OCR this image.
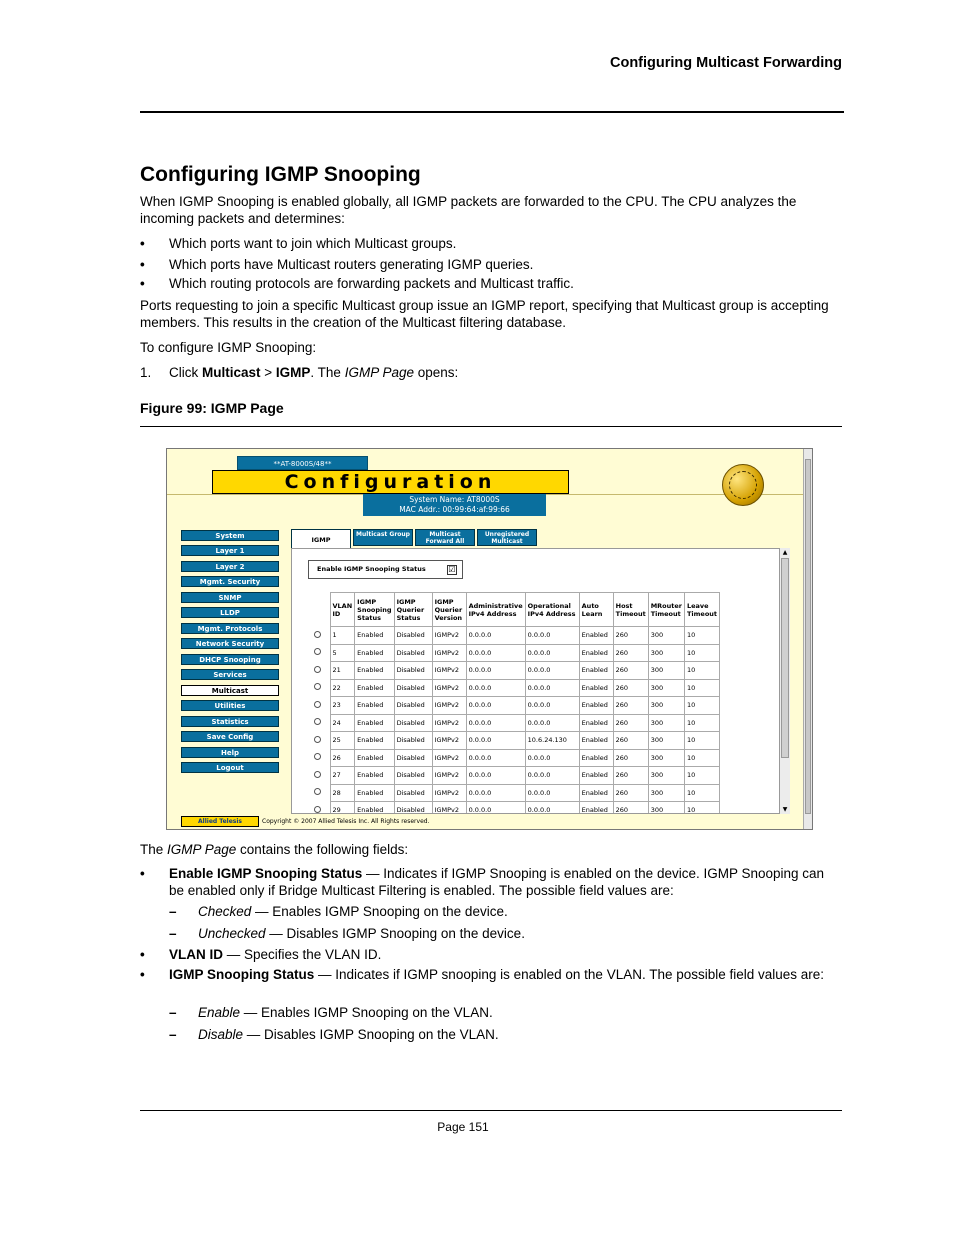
Configuring Multicast Forwarding
Configuring IGMP Snooping
When IGMP Snooping is enabled globally, all IGMP packets are forwarded to the CPU. The CPU analyzes the incoming packets and determines:
• Which ports want to join which Multicast groups.
• Which ports have Multicast routers generating IGMP queries.
• Which routing protocols are forwarding packets and Multicast traffic.
Ports requesting to join a specific Multicast group issue an IGMP report, specifying that Multicast group is accepting members. This results in the creation of the Multicast filtering database.
To configure IGMP Snooping:
1. Click Multicast > IGMP. The IGMP Page opens:
Figure 99: IGMP Page
**AT-8000S/48**
Configuration
System Name: AT8000S
MAC Addr.: 00:99:64:af:99:66
System
Layer 1
Layer 2
Mgmt. Security
SNMP
LLDP
Mgmt. Protocols
Network Security
DHCP Snooping
Services
Multicast
Utilities
Statistics
Save Config
Help
Logout
IGMP
Multicast Group	Multicast Forward All
Unregistered Multicast
Enable IGMP Snooping Status	☑
	VLAN ID	IGMP Snooping Status	IGMP Querier Status	IGMP Querier Version	Administrative IPv4 Address	Operational IPv4 Address	Auto Learn	Host Timeout	MRouter Timeout	Leave Timeout
	1	Enabled	Disabled	IGMPv2	0.0.0.0	0.0.0.0	Enabled	260	300	10
	5	Enabled	Disabled	IGMPv2	0.0.0.0	0.0.0.0	Enabled	260	300	10
	21	Enabled	Disabled	IGMPv2	0.0.0.0	0.0.0.0	Enabled	260	300	10
	22	Enabled	Disabled	IGMPv2	0.0.0.0	0.0.0.0	Enabled	260	300	10
	23	Enabled	Disabled	IGMPv2	0.0.0.0	0.0.0.0	Enabled	260	300	10
	24	Enabled	Disabled	IGMPv2	0.0.0.0	0.0.0.0	Enabled	260	300	10
	25	Enabled	Disabled	IGMPv2	0.0.0.0	10.6.24.130	Enabled	260	300	10
	26	Enabled	Disabled	IGMPv2	0.0.0.0	0.0.0.0	Enabled	260	300	10
	27	Enabled	Disabled	IGMPv2	0.0.0.0	0.0.0.0	Enabled	260	300	10
	28	Enabled	Disabled	IGMPv2	0.0.0.0	0.0.0.0	Enabled	260	300	10
	29	Enabled	Disabled	IGMPv2	0.0.0.0	0.0.0.0	Enabled	260	300	10
▲
▼
Allied Telesis	Copyright © 2007 Allied Telesis Inc. All Rights reserved.
The IGMP Page contains the following fields:
• Enable IGMP Snooping Status — Indicates if IGMP Snooping is enabled on the device. IGMP Snooping can be enabled only if Bridge Multicast Filtering is enabled. The possible field values are:
– Checked — Enables IGMP Snooping on the device.
– Unchecked — Disables IGMP Snooping on the device.
• VLAN ID — Specifies the VLAN ID.
• IGMP Snooping Status — Indicates if IGMP snooping is enabled on the VLAN. The possible field values are:
– Enable — Enables IGMP Snooping on the VLAN.
– Disable — Disables IGMP Snooping on the VLAN.
Page 151
